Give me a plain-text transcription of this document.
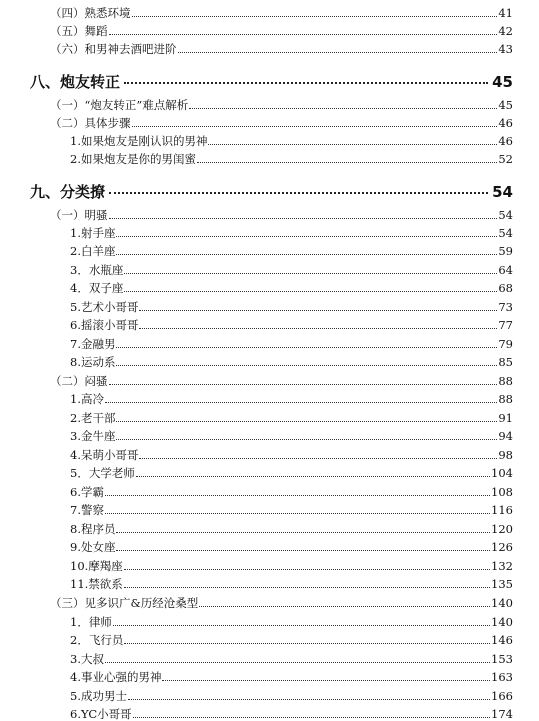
（四）熟悉环境	41
（五）舞蹈	42
（六）和男神去酒吧进阶	43
八、炮友转正	45
（一）“炮友转正”难点解析	45
（二）具体步骤	46
1.如果炮友是刚认识的男神	46
2.如果炮友是你的男闺蜜	52
九、分类撩	54
（一）明骚	54
1.射手座	54
2.白羊座	59
3．水瓶座	64
4．双子座	68
5.艺术小哥哥	73
6.摇滚小哥哥	77
7.金融男	79
8.运动系	85
（二）闷骚	88
1.高冷	88
2.老干部	91
3.金牛座	94
4.呆萌小哥哥	98
5．大学老师	104
6.学霸	108
7.警察	116
8.程序员	120
9.处女座	126
10.摩羯座	132
11.禁欲系	135
（三）见多识广&历经沧桑型	140
1．律师	140
2．飞行员	146
3.大叔	153
4.事业心强的男神	163
5.成功男士	166
6.YC小哥哥	174
